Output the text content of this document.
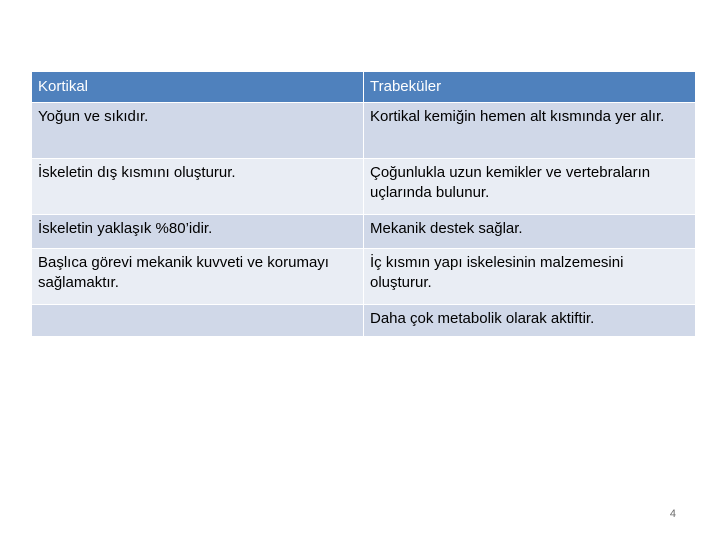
Kortikal	Trabeküler
Yoğun ve sıkıdır.	Kortikal kemiğin hemen alt kısmında yer alır.
İskeletin dış kısmını oluşturur.	Çoğunlukla uzun kemikler ve vertebraların uçlarında bulunur.
İskeletin yaklaşık %80’idir.	Mekanik destek sağlar.
Başlıca görevi mekanik kuvveti ve korumayı sağlamaktır.	İç kısmın yapı iskelesinin malzemesini oluşturur.
	Daha çok metabolik olarak aktiftir.
4
